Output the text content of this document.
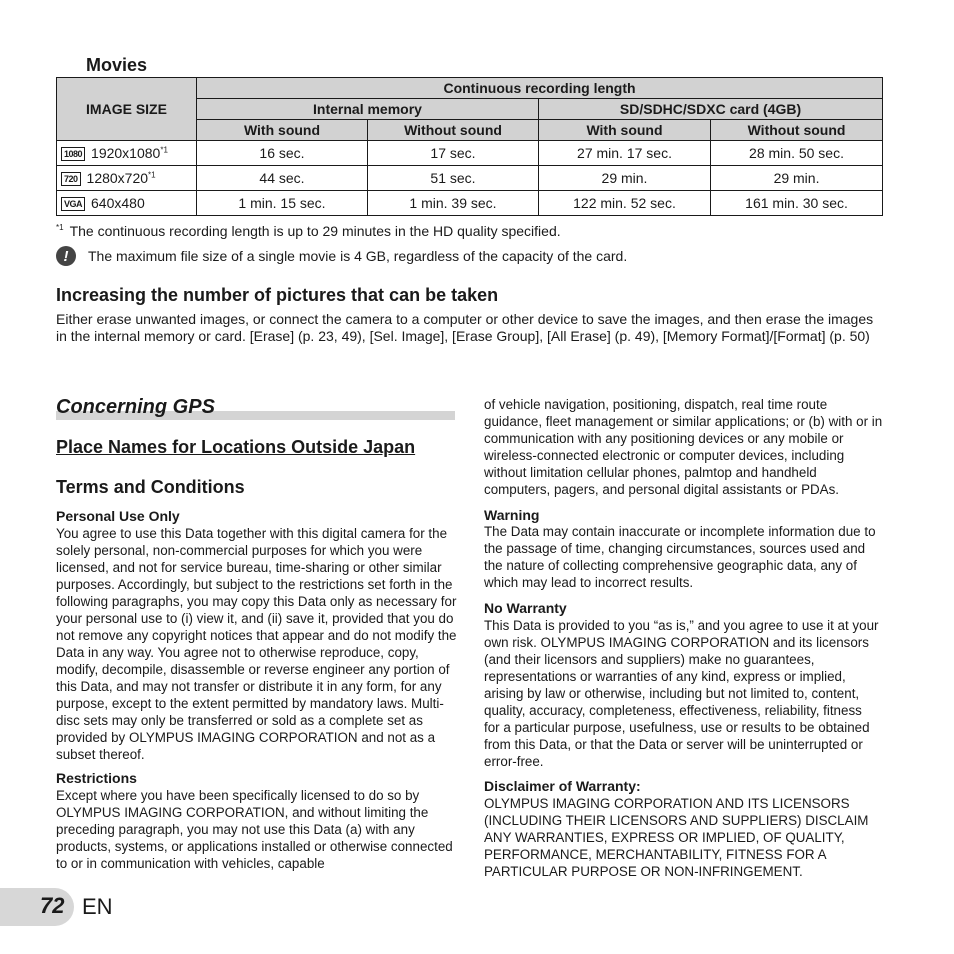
Movies
IMAGE SIZE	Continuous recording length			
	Internal memory		SD/SDHC/SDXC card (4GB)	
	With sound	Without sound	With sound	Without sound
1080 1920x1080$^{*1}$	16 sec.	17 sec.	27 min. 17 sec.	28 min. 50 sec.
720 1280x720$^{*1}$	44 sec.	51 sec.	29 min.	29 min.
VGA 640x480	1 min. 15 sec.	1 min. 39 sec.	122 min. 52 sec.	161 min. 30 sec.
$^{*1}$ The continuous recording length is up to 29 minutes in the HD quality specified.
!	The maximum file size of a single movie is 4 GB, regardless of the capacity of the card.
Increasing the number of pictures that can be taken
Either erase unwanted images, or connect the camera to a computer or other device to save the images, and then erase the images in the internal memory or card. [Erase] (p. 23, 49), [Sel. Image], [Erase Group], [All Erase] (p. 49), [Memory Format]/[Format] (p. 50)
Concerning GPS
Place Names for Locations Outside Japan
Terms and Conditions
Personal Use Only
You agree to use this Data together with this digital camera for the solely personal, non-commercial purposes for which you were licensed, and not for service bureau, time-sharing or other similar purposes. Accordingly, but subject to the restrictions set forth in the following paragraphs, you may copy this Data only as necessary for your personal use to (i) view it, and (ii) save it, provided that you do not remove any copyright notices that appear and do not modify the Data in any way. You agree not to otherwise reproduce, copy, modify, decompile, disassemble or reverse engineer any portion of this Data, and may not transfer or distribute it in any form, for any purpose, except to the extent permitted by mandatory laws. Multi-disc sets may only be transferred or sold as a complete set as provided by OLYMPUS IMAGING CORPORATION and not as a subset thereof.
Restrictions
Except where you have been specifically licensed to do so by OLYMPUS IMAGING CORPORATION, and without limiting the preceding paragraph, you may not use this Data (a) with any products, systems, or applications installed or otherwise connected to or in communication with vehicles, capable
of vehicle navigation, positioning, dispatch, real time route guidance, fleet management or similar applications; or (b) with or in communication with any positioning devices or any mobile or wireless-connected electronic or computer devices, including without limitation cellular phones, palmtop and handheld computers, pagers, and personal digital assistants or PDAs.
Warning
The Data may contain inaccurate or incomplete information due to the passage of time, changing circumstances, sources used and the nature of collecting comprehensive geographic data, any of which may lead to incorrect results.
No Warranty
This Data is provided to you “as is,” and you agree to use it at your own risk. OLYMPUS IMAGING CORPORATION and its licensors (and their licensors and suppliers) make no guarantees, representations or warranties of any kind, express or implied, arising by law or otherwise, including but not limited to, content, quality, accuracy, completeness, effectiveness, reliability, fitness for a particular purpose, usefulness, use or results to be obtained from this Data, or that the Data or server will be uninterrupted or error-free.
Disclaimer of Warranty:
OLYMPUS IMAGING CORPORATION AND ITS LICENSORS (INCLUDING THEIR LICENSORS AND SUPPLIERS) DISCLAIM ANY WARRANTIES, EXPRESS OR IMPLIED, OF QUALITY, PERFORMANCE, MERCHANTABILITY, FITNESS FOR A PARTICULAR PURPOSE OR NON-INFRINGEMENT.
72 EN
